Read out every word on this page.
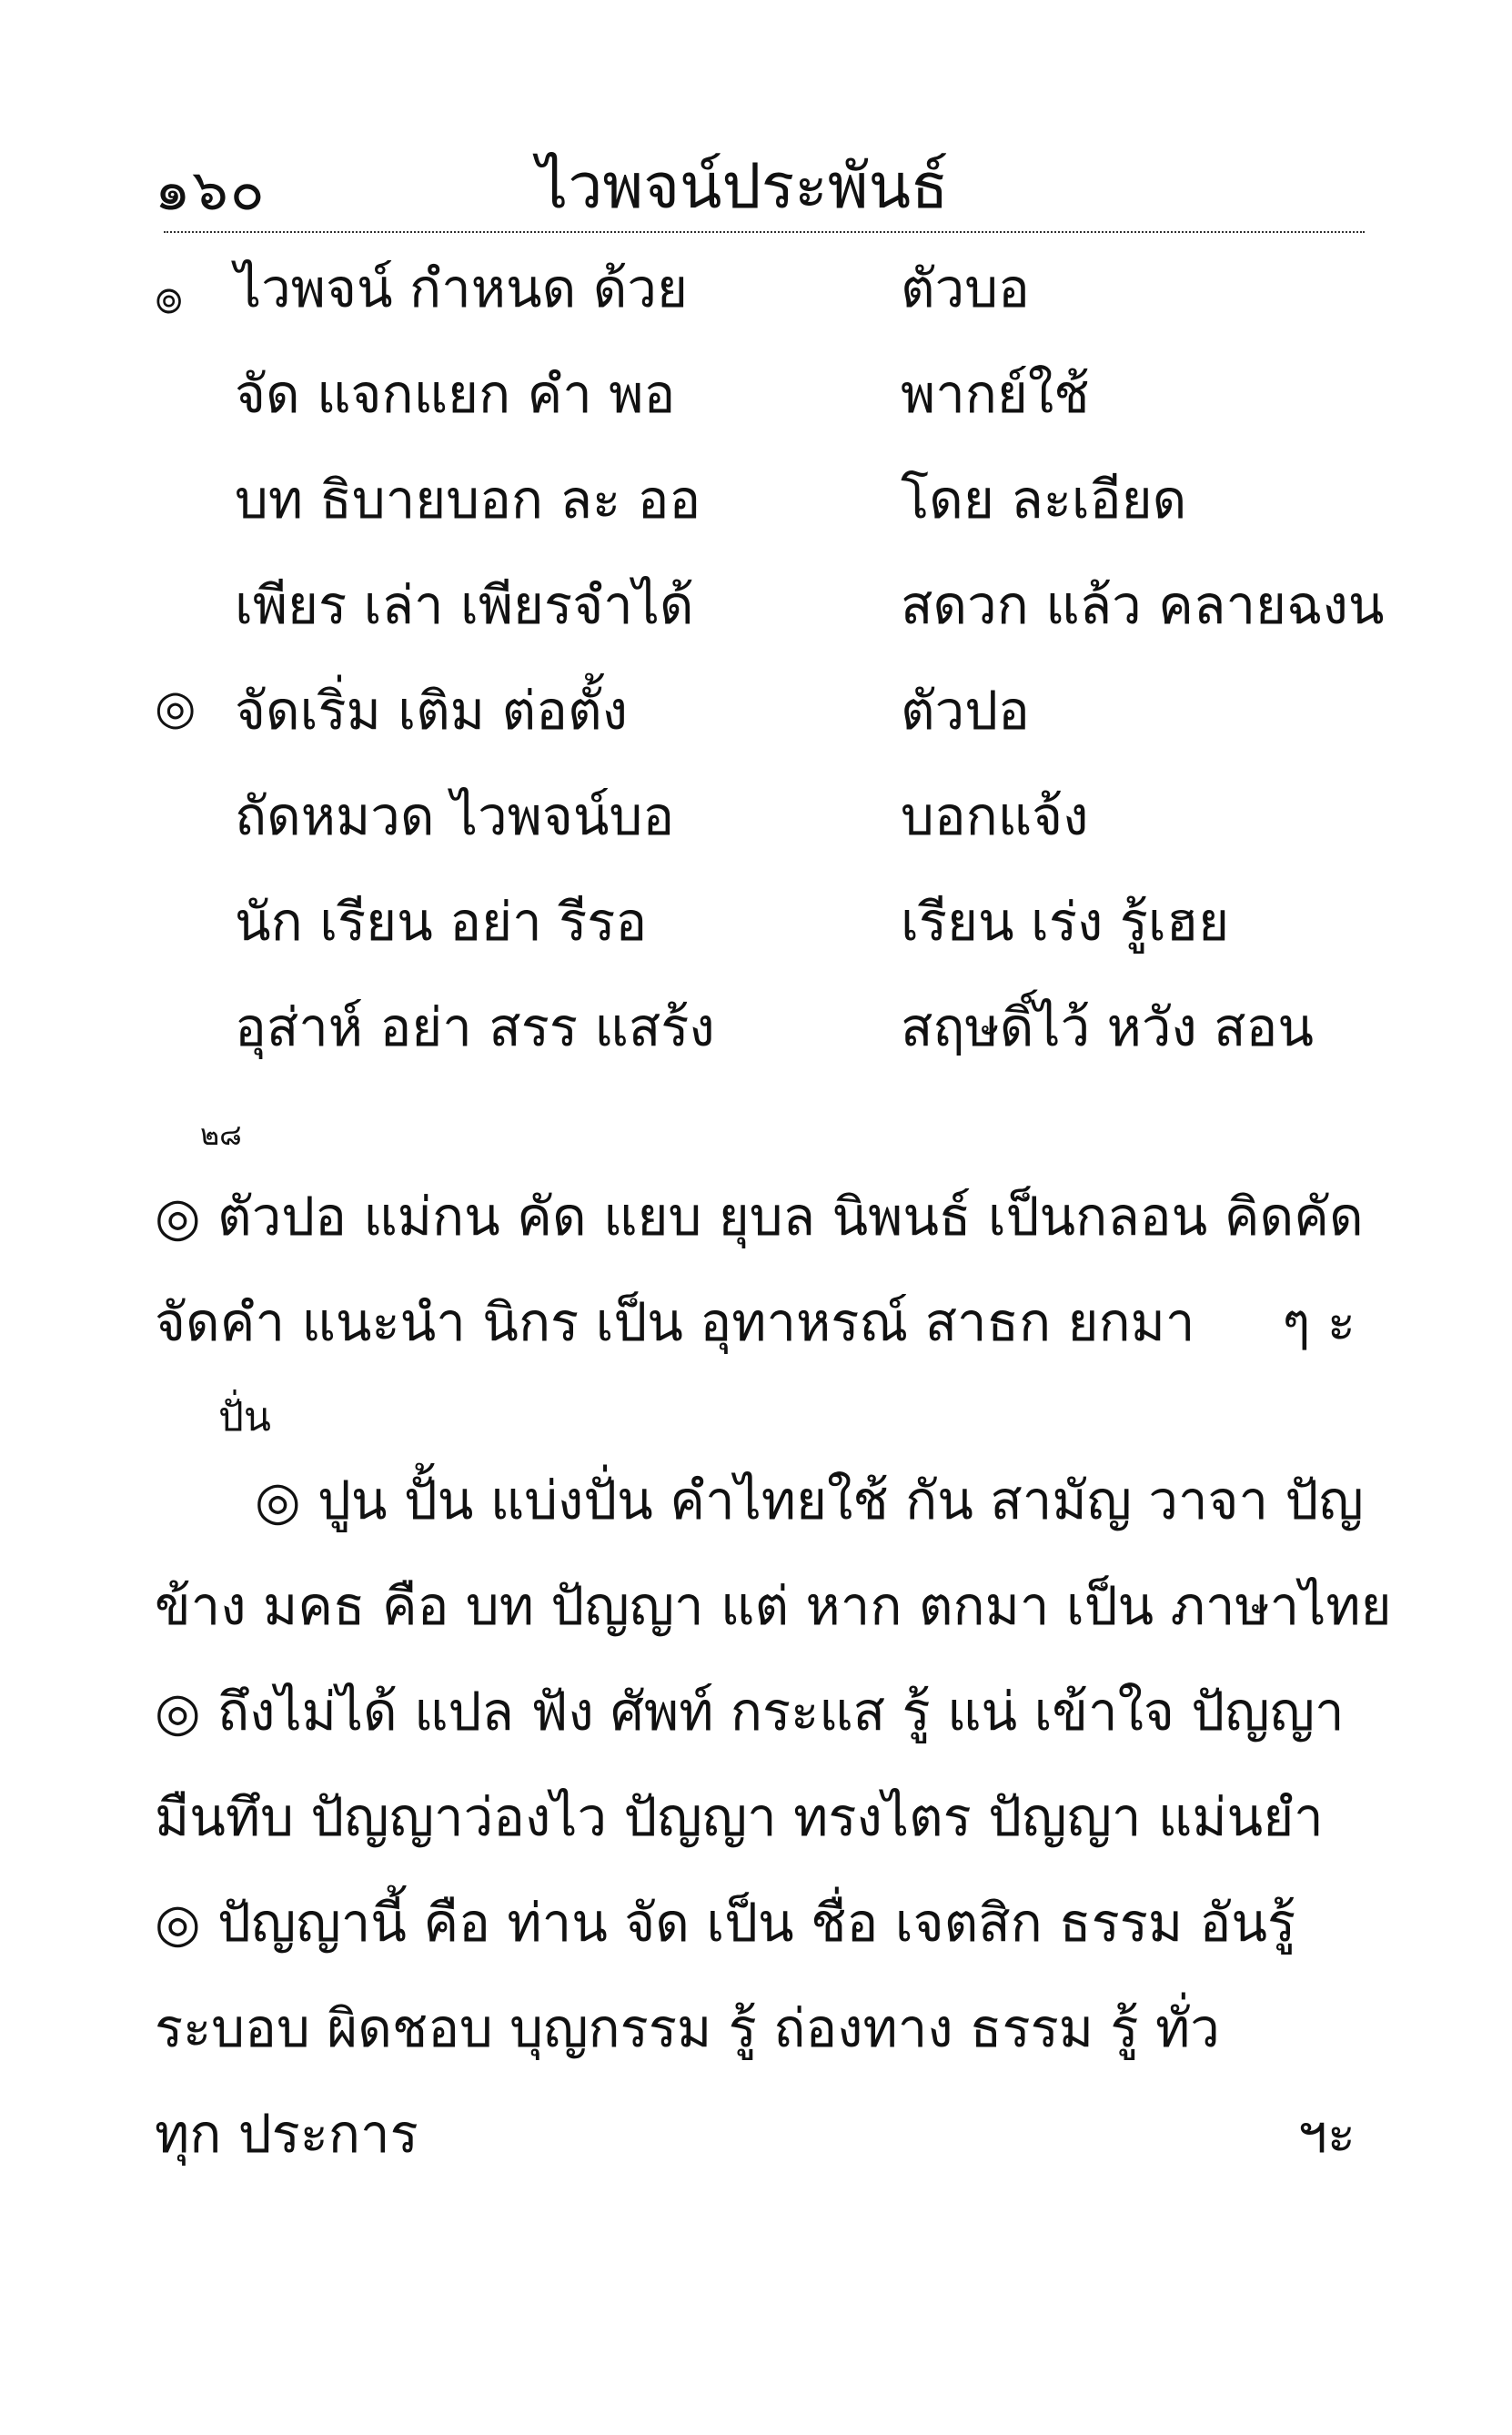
๑๖๐	ไวพจน์ประพันธ์
๏ ไวพจน์ กำหนด ด้วย	ตัวบอ
จัด แจกแยก คำ พอ	พากย์ใช้
บท ธิบายบอก ละ ออ	โดย ละเอียด
เพียร เล่า เพียรจำได้	สดวก แล้ว คลายฉงน
◎ จัดเริ่ม เติม ต่อตั้ง	ตัวปอ
ถัดหมวด ไวพจน์บอ	บอกแจ้ง
นัก เรียน อย่า รีรอ	เรียน เร่ง รู้เฮย
อุส่าห์ อย่า สรร แสร้ง	สฤษดิ์ไว้ หวัง สอน
๒๘
◎ ตัวปอ แม่กน คัด แยบ ยุบล นิพนธ์ เป็นกลอน คิดคัด
จัดคำ แนะนำ นิกร เป็น อุทาหรณ์ สาธก ยกมา ๆ ะ
ปั่น
◎ ปูน ปั้น แบ่งปั่น คำไทยใช้ กัน สามัญ วาจา ปัญ
ข้าง มคธ คือ บท ปัญญา แต่ หาก ตกมา เป็น ภาษาไทย
◎ ถึงไม่ได้ แปล ฟัง ศัพท์ กระแส รู้ แน่ เข้าใจ ปัญญา
มืนทึบ ปัญญาว่องไว ปัญญา ทรงไตร ปัญญา แม่นยำ
◎ ปัญญานี้ คือ ท่าน จัด เป็น ชื่อ เจตสิก ธรรม อันรู้
ระบอบ ผิดชอบ บุญกรรม รู้ ถ่องทาง ธรรม รู้ ทั่ว
ทุก ประการ	ฯะ
